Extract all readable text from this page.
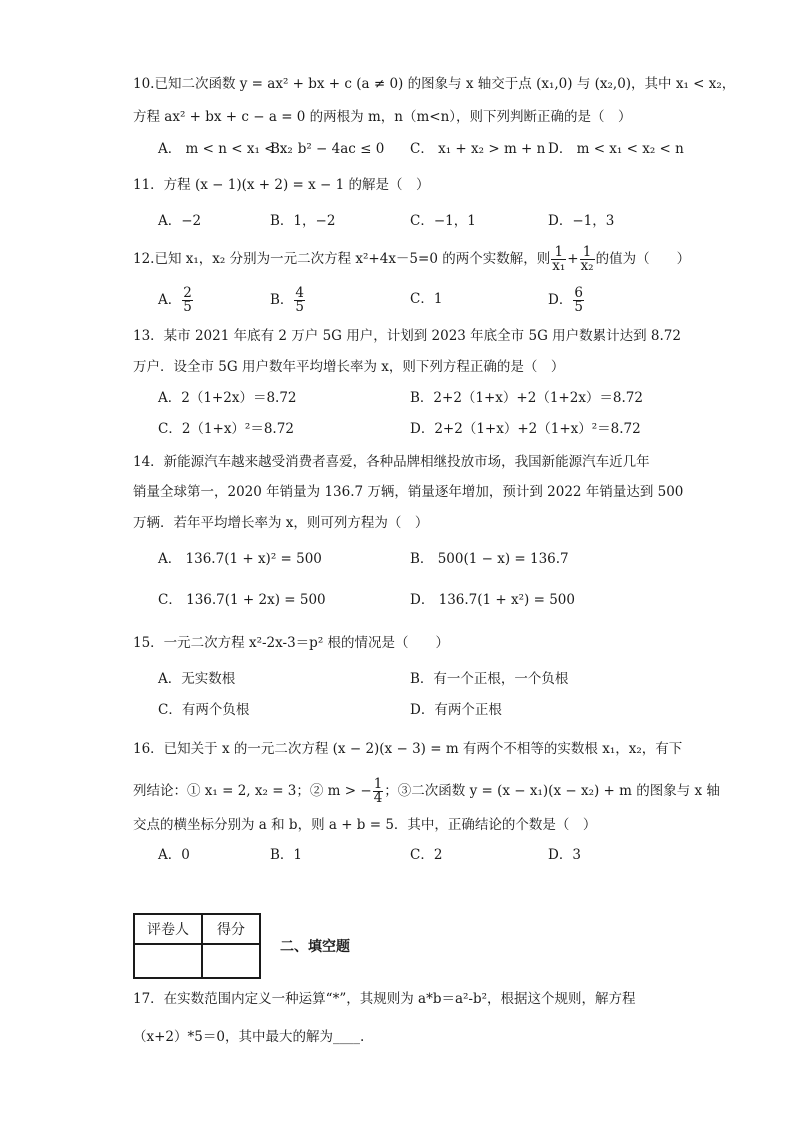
10.已知二次函数 y = ax² + bx + c (a ≠ 0) 的图象与 x 轴交于点 (x₁,0) 与 (x₂,0)，其中 x₁ < x₂，
方程 ax² + bx + c − a = 0 的两根为 m，n（m<n），则下列判断正确的是（　）
A． m < n < x₁ < x₂
B． b² − 4ac ≤ 0 C． x₁ + x₂ > m + n D． m < x₁ < x₂ < n
11．方程 (x − 1)(x + 2) = x − 1 的解是（　）
A．−2	B．1，−2	C．−1，1	D．−1，3
12.已知 x₁，x₂ 分别为一元二次方程 x²+4x－5=0 的两个实数解，则 $\frac{1}{\text{x₁}} + \frac{1}{\text{x₂}}$ 的值为（　　）
A． $\frac{2}{5}$	B． $\frac{4}{5}$	C．1	D． $\frac{6}{5}$
13．某市 2021 年底有 2 万户 5G 用户，计划到 2023 年底全市 5G 用户数累计达到 8.72
万户．设全市 5G 用户数年平均增长率为 x，则下列方程正确的是（　）
A．2（1+2x）＝8.72	B．2+2（1+x）+2（1+2x）＝8.72
C．2（1+x）²＝8.72	D．2+2（1+x）+2（1+x）²＝8.72
14．新能源汽车越来越受消费者喜爱，各种品牌相继投放市场，我国新能源汽车近几年
销量全球第一，2020 年销量为 136.7 万辆，销量逐年增加，预计到 2022 年销量达到 500
万辆．若年平均增长率为 x，则可列方程为（　）
A． 136.7(1 + x)² = 500	B． 500(1 − x) = 136.7
C． 136.7(1 + 2x) = 500	D． 136.7(1 + x²) = 500
15．一元二次方程 x²-2x-3＝p² 根的情况是（　　）
A．无实数根	B．有一个正根，一个负根
C．有两个负根	D．有两个正根
16．已知关于 x 的一元二次方程 (x − 2)(x − 3) = m 有两个不相等的实数根 x₁，x₂，有下
列结论：① x₁ = 2, x₂ = 3；② m > − $\frac{1}{4}$ ；③二次函数 y = (x − x₁)(x − x₂) + m 的图象与 x 轴
交点的横坐标分别为 a 和 b，则 a + b = 5．其中，正确结论的个数是（　）
A．0	B．1	C．2	D．3
评卷人	得分

二、填空题
17．在实数范围内定义一种运算“*”，其规则为 a*b＝a²-b²，根据这个规则，解方程
（x+2）*5＝0，其中最大的解为____.
